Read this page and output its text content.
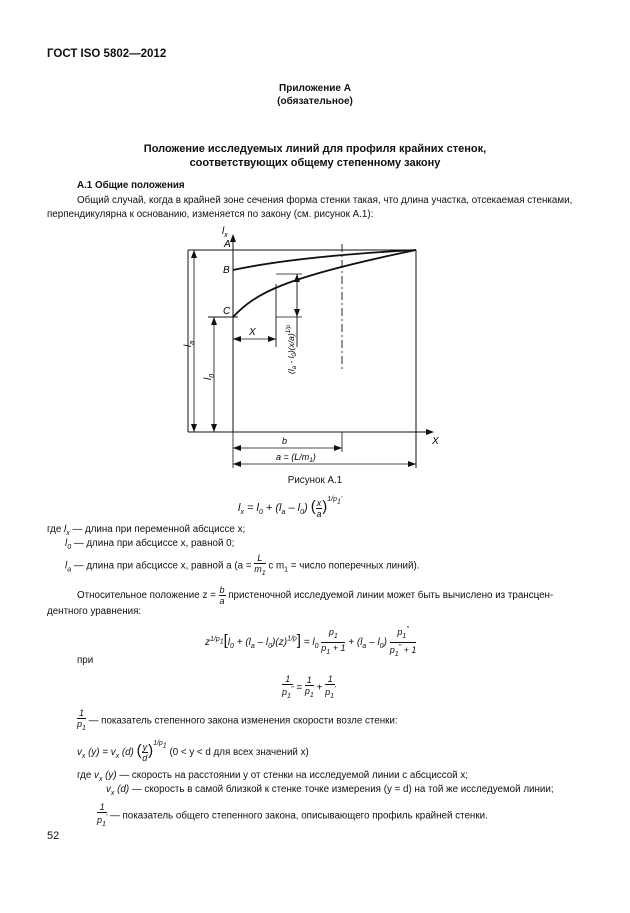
ГОСТ ISO 5802—2012
Приложение А
(обязательное)
Положение исследуемых линий для профиля крайних стенок,
соответствующих общему степенному закону
А.1 Общие положения
Общий случай, когда в крайней зоне сечения форма стенки такая, что длина участка, отсекаемая стенками,
перпендикулярна к основанию, изменяется по закону (см. рисунок А.1):
$l_x$
A
B
C
X
X
b
$a = (L/m_1)$
$l_a$
$l_0$
$(l_a - l_0)(x/a)^{1/p}$
Рисунок А.1
$l_x = l_0 + (l_a - l_0)$ ( $\frac{x}{a} )^{1/p_1'}$
где $l_x$ — длина при переменной абсциссе x;
$l_0$ — длина при абсциссе x, равной 0;
$l_a$ — длина при абсциссе x, равной a ($a = \frac{L}{m_1}$ с $m_1$ = число поперечных линий).
Относительное положение $z = \frac{b}{a}$ пристеночной исследуемой линии может быть вычислено из трансцен-
дентного уравнения:
$z^{1/p_1}[l_0 + (l_a - l_0)(z)^{1/p}] = l_0 \frac{p_1}{p_1 + 1} + (l_a - l_0) \frac{p_1^"}{p_1^" + 1}$
при
$\frac{1}{p_1^"} = \frac{1}{p_1} + \frac{1}{p_1'}$
$\frac{1}{p_1}$ — показатель степенного закона изменения скорости возле стенки:
$v_x$ $(y) = v_x$ (d) ( $\frac{y}{d} )^{1/p_1}$ (0 < y < d для всех значений x)
где $v_x$ (y) — скорость на расстоянии y от стенки на исследуемой линии с абсциссой x;
$v_x$ (d) — скорость в самой близкой к стенке точке измерения (y = d) на той же исследуемой линии;
$\frac{1}{p_1'}$ — показатель общего степенного закона, описывающего профиль крайней стенки.
52
